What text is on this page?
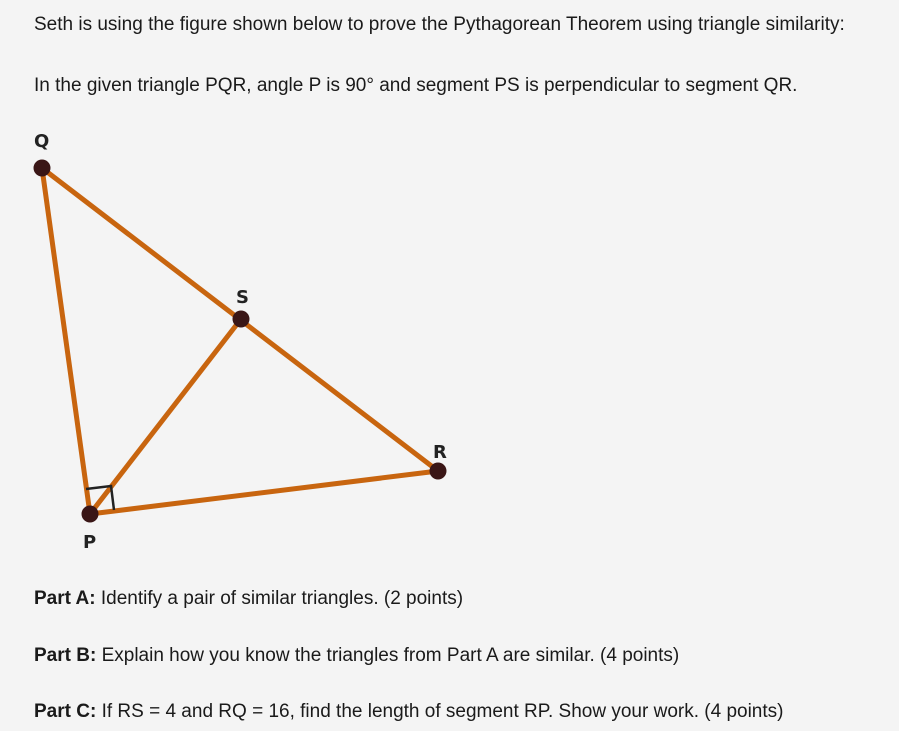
Seth is using the figure shown below to prove the Pythagorean Theorem using triangle similarity:

In the given triangle PQR, angle P is 90° and segment PS is perpendicular to segment QR.

Q
S
R
P

Part A: Identify a pair of similar triangles. (2 points)

Part B: Explain how you know the triangles from Part A are similar. (4 points)

Part C: If RS = 4 and RQ = 16, find the length of segment RP. Show your work. (4 points)
